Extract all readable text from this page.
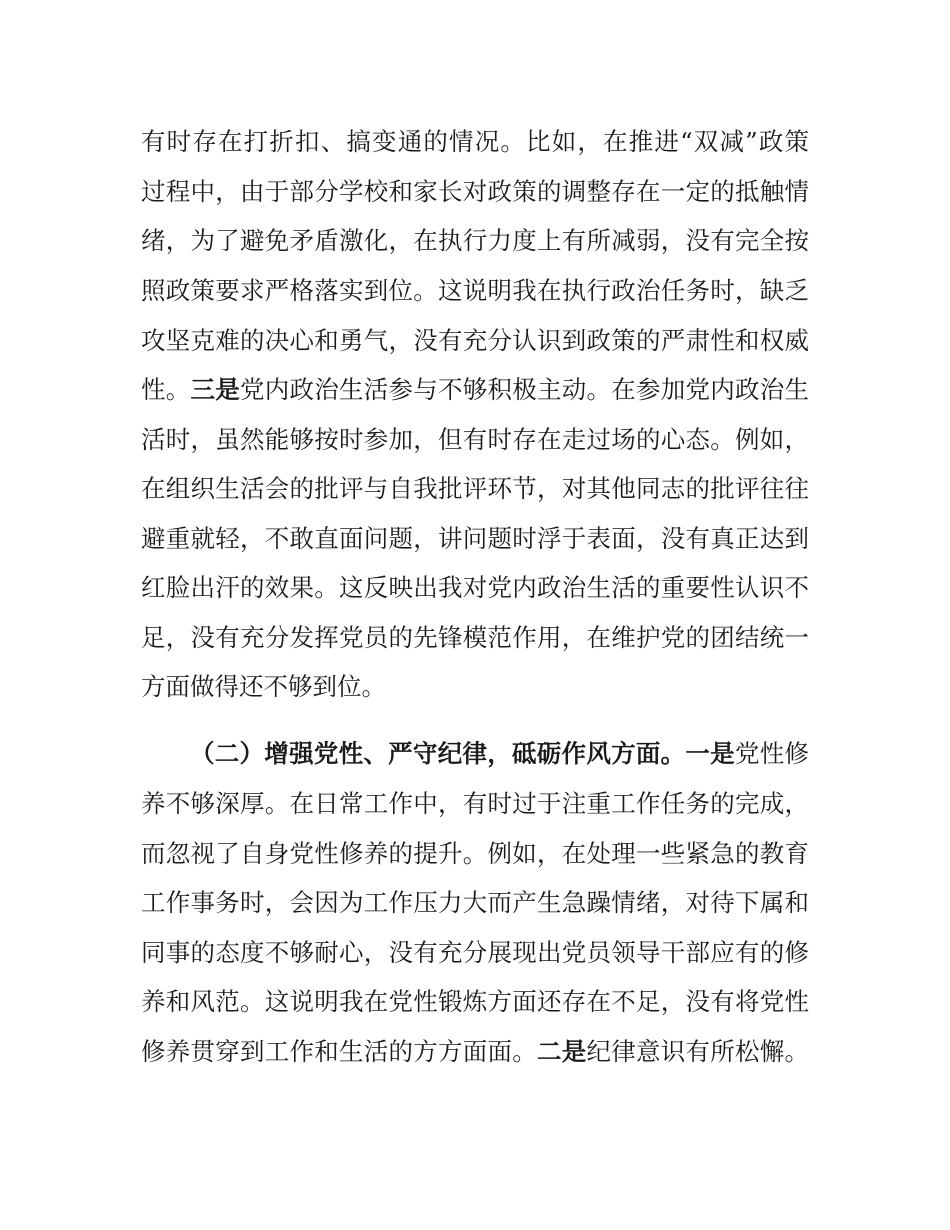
有时存在打折扣、搞变通的情况。比如，在推进“双减”政策

过程中，由于部分学校和家长对政策的调整存在一定的抵触情

绪，为了避免矛盾激化，在执行力度上有所减弱，没有完全按

照政策要求严格落实到位。这说明我在执行政治任务时，缺乏

攻坚克难的决心和勇气，没有充分认识到政策的严肃性和权威

性。三是党内政治生活参与不够积极主动。在参加党内政治生

活时，虽然能够按时参加，但有时存在走过场的心态。例如，

在组织生活会的批评与自我批评环节，对其他同志的批评往往

避重就轻，不敢直面问题，讲问题时浮于表面，没有真正达到

红脸出汗的效果。这反映出我对党内政治生活的重要性认识不

足，没有充分发挥党员的先锋模范作用，在维护党的团结统一

方面做得还不够到位。

（二）增强党性、严守纪律，砥砺作风方面。一是党性修

养不够深厚。在日常工作中，有时过于注重工作任务的完成，

而忽视了自身党性修养的提升。例如，在处理一些紧急的教育

工作事务时，会因为工作压力大而产生急躁情绪，对待下属和

同事的态度不够耐心，没有充分展现出党员领导干部应有的修

养和风范。这说明我在党性锻炼方面还存在不足，没有将党性

修养贯穿到工作和生活的方方面面。二是纪律意识有所松懈。
